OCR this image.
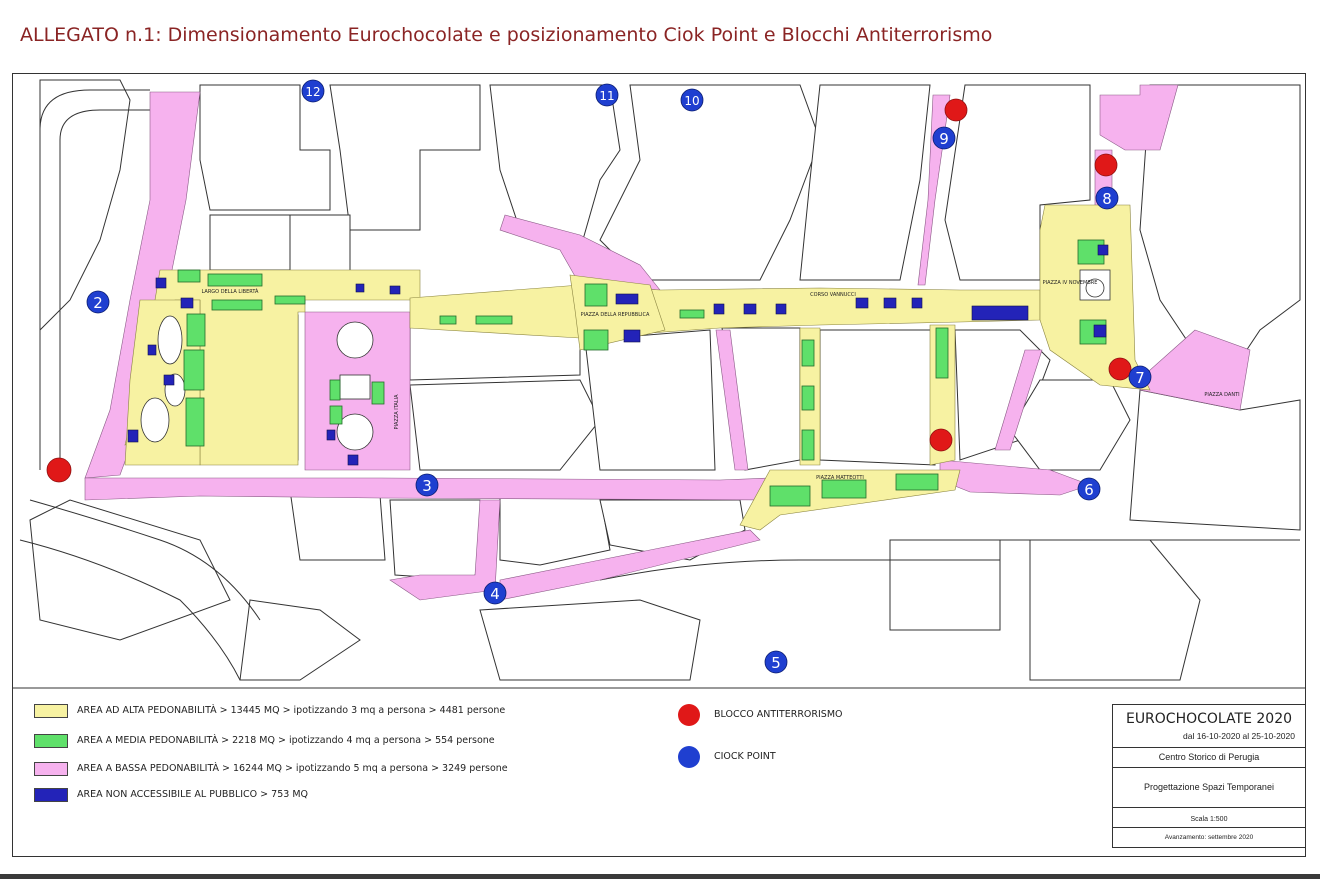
ALLEGATO n.1: Dimensionamento Eurochocolate e posizionamento Ciok Point e Blocchi Antiterrorismo
PIAZZA DELLA REPUBBLICA
PIAZZA IV NOVEMBRE
PIAZZA MATTEOTTI
PIAZZA ITALIA	PIAZZA DANTI
LARGO DELLA LIBERTÀ	CORSO VANNUCCI
2
3
4
5
6
7
8
9
10
11
12
AREA AD ALTA PEDONABILITÀ > 13445 MQ > ipotizzando 3 mq a persona > 4481 persone
AREA A MEDIA PEDONABILITÀ > 2218 MQ > ipotizzando 4 mq a persona > 554 persone
AREA A BASSA PEDONABILITÀ > 16244 MQ > ipotizzando 5 mq a persona > 3249 persone
AREA NON ACCESSIBILE AL PUBBLICO > 753 MQ
BLOCCO ANTITERRORISMO
CIOCK POINT
EUROCHOCOLATE 2020
dal 16-10-2020 al 25-10-2020
Centro Storico di Perugia
Progettazione Spazi Temporanei
Scala 1:500
Avanzamento: settembre 2020
